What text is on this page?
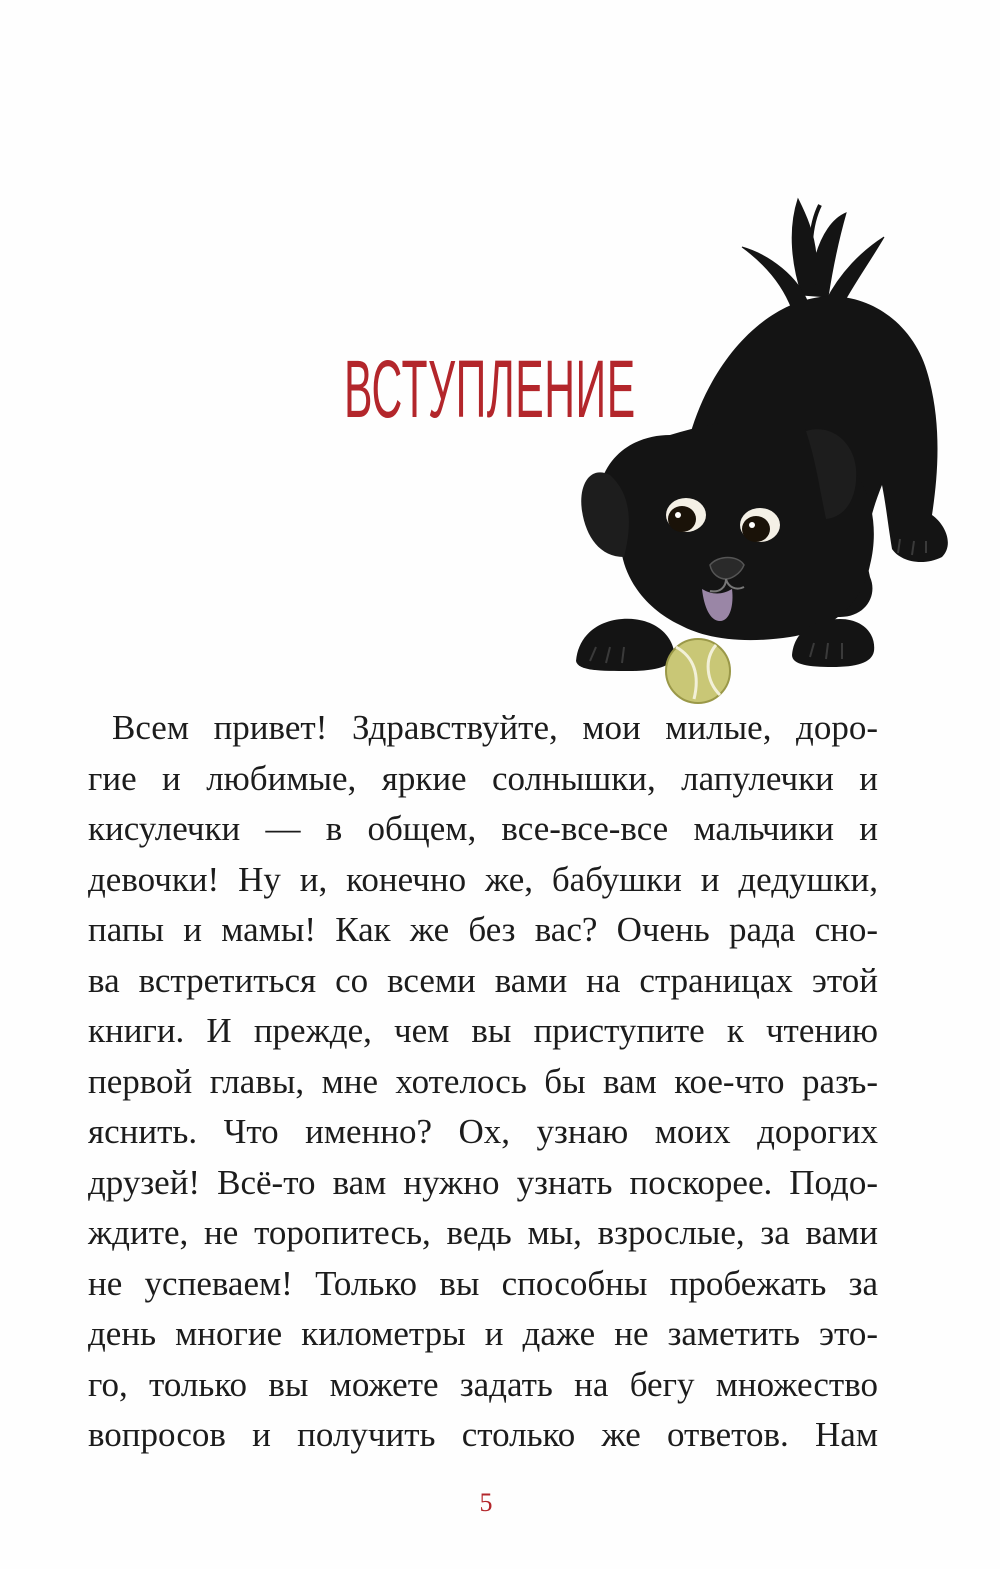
ВСТУПЛЕНИЕ
Всем привет! Здравствуйте, мои милые, доро-
гие и любимые, яркие солнышки, лапулечки и
кисулечки — в общем, все-все-все мальчики и
девочки! Ну и, конечно же, бабушки и дедушки,
папы и мамы! Как же без вас? Очень рада сно-
ва встретиться со всеми вами на страницах этой
книги. И прежде, чем вы приступите к чтению
первой главы, мне хотелось бы вам кое-что разъ-
яснить. Что именно? Ох, узнаю моих дорогих
друзей! Всё-то вам нужно узнать поскорее. Подо-
ждите, не торопитесь, ведь мы, взрослые, за вами
не успеваем! Только вы способны пробежать за
день многие километры и даже не заметить это-
го, только вы можете задать на бегу множество
вопросов и получить столько же ответов. Нам
5
